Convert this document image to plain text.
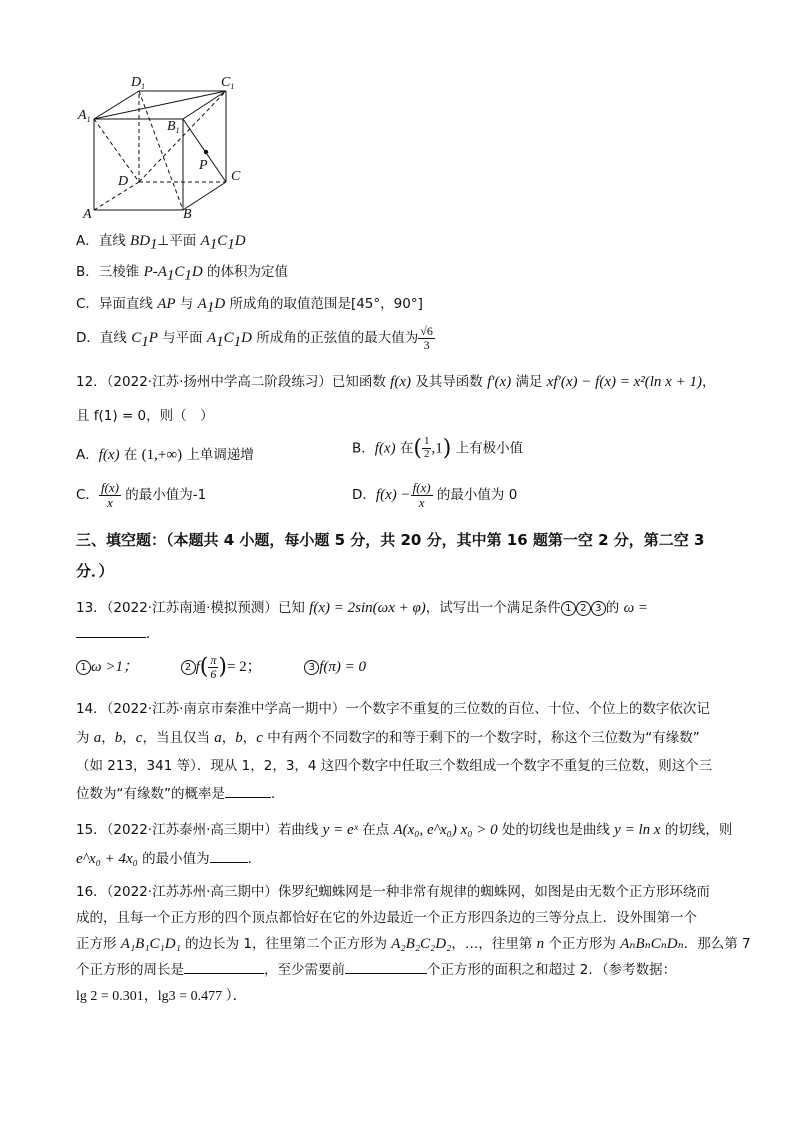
$D_1$	$C_1$
$A_1$	$B_1$
P
C
D
A	B
A．直线 $BD_1\perp$平面 $A_1C_1D$
B．三棱锥 $P-A_1C_1D$ 的体积为定值
C．异面直线 AP 与 $A_1D$ 所成角的取值范围是[45°，90°]
D．直线 $C_1P$ 与平面 $A_1C_1D$ 所成角的正弦值的最大值为 $\frac{√6}{3}$
12．（2022·江苏·扬州中学高二阶段练习）已知函数 f(x) 及其导函数 f′(x) 满足 xf′(x) − f(x) = x²(ln x + 1)，
且 f(1) = 0，则（　）
A．f(x) 在 (1,+∞) 上单调递增	B．f(x) 在( $\frac{1}{2} ,1$) 上有极小值
C． $\frac{f(x)}{x}$ 的最小值为-1	D．$f(x) - \frac{f(x)}{x}$ 的最小值为 0
三、填空题：（本题共 4 小题，每小题 5 分，共 20 分，其中第 16 题第一空 2 分，第二空 3
分．）
13．（2022·江苏南通·模拟预测）已知 f(x) = 2sin(ωx + φ)，试写出一个满足条件 1 2 3 的 ω =
．
1 ω >1；	2 $f( \frac{\pi}{6}$ )= 2；	3 f(π) = 0
14．（2022·江苏·南京市秦淮中学高一期中）一个数字不重复的三位数的百位、十位、个位上的数字依次记
为 a，b，c，当且仅当 a，b，c 中有两个不同数字的和等于剩下的一个数字时，称这个三位数为“有缘数”
（如 213，341 等）．现从 1，2，3，4 这四个数字中任取三个数组成一个数字不重复的三位数，则这个三
位数为“有缘数”的概率是	．
15．（2022·江苏泰州·高三期中）若曲线 y = eˣ 在点 A(x₀, e^x₀) x₀ > 0 处的切线也是曲线 y = ln x 的切线，则
e^x₀ + 4x₀ 的最小值为	．
16．（2022·江苏苏州·高三期中）侏罗纪蜘蛛网是一种非常有规律的蜘蛛网，如图是由无数个正方形环绕而
成的，且每一个正方形的四个顶点都恰好在它的外边最近一个正方形四条边的三等分点上．设外围第一个
正方形 A₁B₁C₁D₁ 的边长为 1，往里第二个正方形为 A₂B₂C₂D₂，…，往里第 n 个正方形为 AₙBₙCₙDₙ．那么第 7
个正方形的周长是	，至少需要前	个正方形的面积之和超过 2．（参考数据：
lg 2 = 0.301，lg3 = 0.477 ）．
